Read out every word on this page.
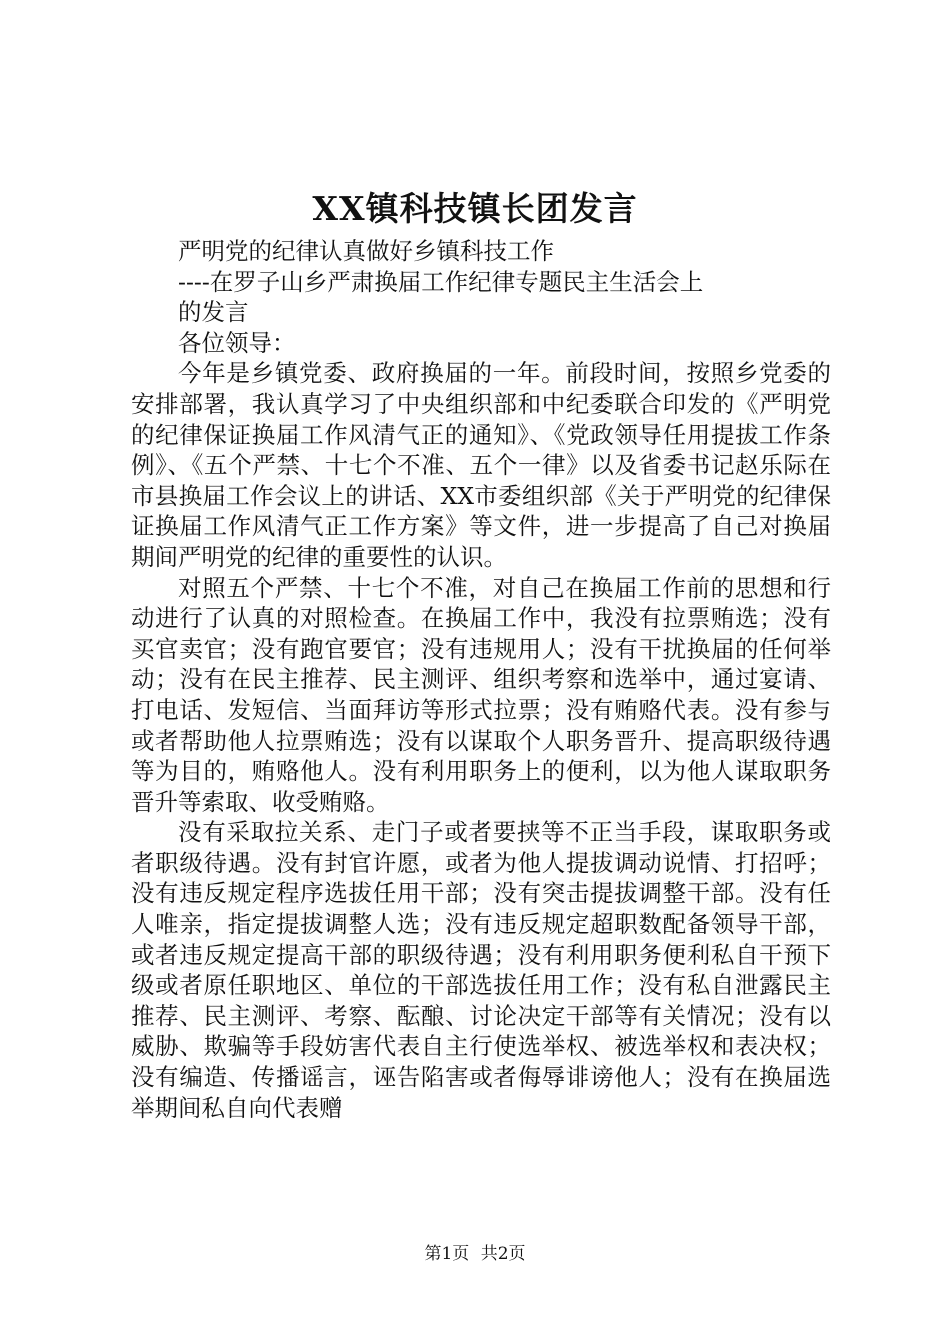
XX镇科技镇长团发言

严明党的纪律认真做好乡镇科技工作

----在罗子山乡严肃换届工作纪律专题民主生活会上

的发言

各位领导：

今年是乡镇党委、政府换届的一年。前段时间，按照乡党委的安排部署，我认真学习了中央组织部和中纪委联合印发的《严明党的纪律保证换届工作风清气正的通知》、《党政领导任用提拔工作条例》、《五个严禁、十七个不准、五个一律》以及省委书记赵乐际在市县换届工作会议上的讲话、XX市委组织部《关于严明党的纪律保证换届工作风清气正工作方案》等文件，进一步提高了自己对换届期间严明党的纪律的重要性的认识。

对照五个严禁、十七个不准，对自己在换届工作前的思想和行动进行了认真的对照检查。在换届工作中，我没有拉票贿选；没有买官卖官；没有跑官要官；没有违规用人；没有干扰换届的任何举动；没有在民主推荐、民主测评、组织考察和选举中，通过宴请、打电话、发短信、当面拜访等形式拉票；没有贿赂代表。没有参与或者帮助他人拉票贿选；没有以谋取个人职务晋升、提高职级待遇等为目的，贿赂他人。没有利用职务上的便利，以为他人谋取职务晋升等索取、收受贿赂。

没有采取拉关系、走门子或者要挟等不正当手段，谋取职务或者职级待遇。没有封官许愿，或者为他人提拔调动说情、打招呼；没有违反规定程序选拔任用干部；没有突击提拔调整干部。没有任人唯亲，指定提拔调整人选；没有违反规定超职数配备领导干部，或者违反规定提高干部的职级待遇；没有利用职务便利私自干预下级或者原任职地区、单位的干部选拔任用工作；没有私自泄露民主推荐、民主测评、考察、酝酿、讨论决定干部等有关情况；没有以威胁、欺骗等手段妨害代表自主行使选举权、被选举权和表决权；没有编造、传播谣言，诬告陷害或者侮辱诽谤他人；没有在换届选举期间私自向代表赠

第1页 共2页
